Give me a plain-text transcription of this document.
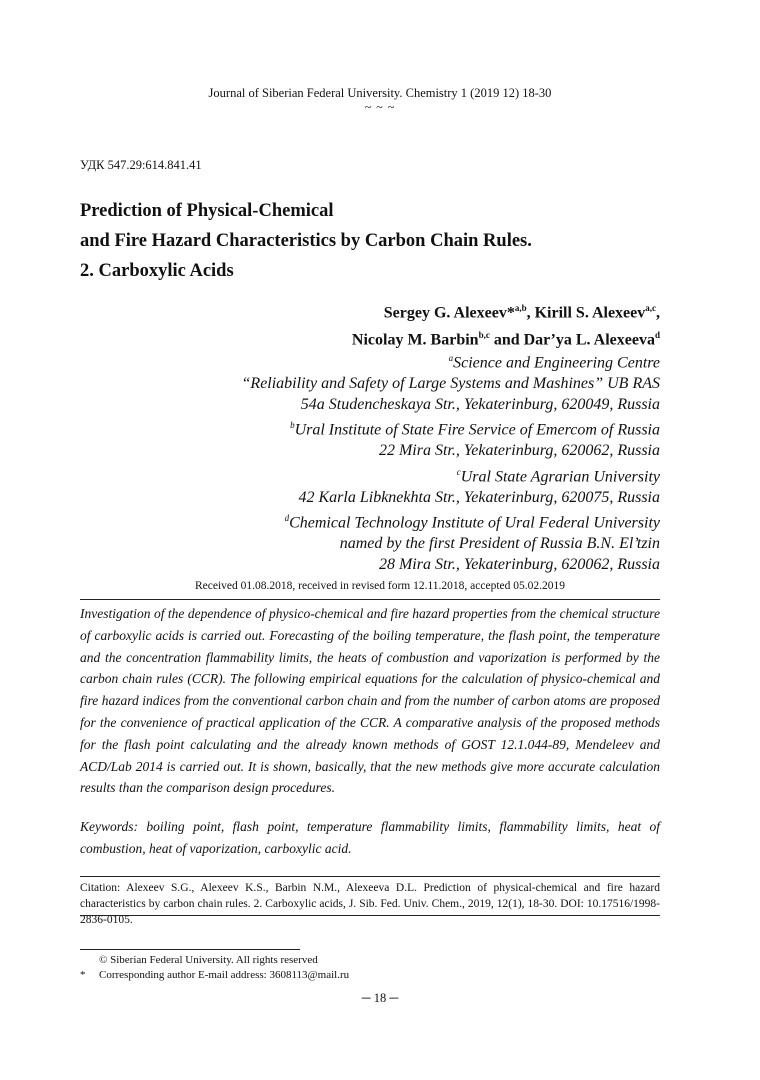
Journal of Siberian Federal University. Chemistry 1 (2019 12) 18-30
~ ~ ~
УДК 547.29:614.841.41
Prediction of Physical-Chemical
and Fire Hazard Characteristics by Carbon Chain Rules.
2. Carboxylic Acids
Sergey G. Alexeev*$^{a,b}$, Kirill S. Alexeev$^{a,c}$,
Nicolay M. Barbin$^{b,c}$ and Dar’ya L. Alexeeva$^d$
$^a$Science and Engineering Centre
“Reliability and Safety of Large Systems and Mashines” UB RAS
54a Studencheskaya Str., Yekaterinburg, 620049, Russia
$^b$Ural Institute of State Fire Service of Emercom of Russia
22 Mira Str., Yekaterinburg, 620062, Russia
$^c$Ural State Agrarian University
42 Karla Libknekhta Str., Yekaterinburg, 620075, Russia
$^d$Chemical Technology Institute of Ural Federal University
named by the first President of Russia B.N. El’tzin
28 Mira Str., Yekaterinburg, 620062, Russia
Received 01.08.2018, received in revised form 12.11.2018, accepted 05.02.2019
Investigation of the dependence of physico-chemical and fire hazard properties from the chemical structure of carboxylic acids is carried out. Forecasting of the boiling temperature, the flash point, the temperature and the concentration flammability limits, the heats of combustion and vaporization is performed by the carbon chain rules (CCR). The following empirical equations for the calculation of physico-chemical and fire hazard indices from the conventional carbon chain and from the number of carbon atoms are proposed for the convenience of practical application of the CCR. A comparative analysis of the proposed methods for the flash point calculating and the already known methods of GOST 12.1.044-89, Mendeleev and ACD/Lab 2014 is carried out. It is shown, basically, that the new methods give more accurate calculation results than the comparison design procedures.
Keywords: boiling point, flash point, temperature flammability limits, flammability limits, heat of combustion, heat of vaporization, carboxylic acid.
Citation: Alexeev S.G., Alexeev K.S., Barbin N.M., Alexeeva D.L. Prediction of physical-chemical and fire hazard characteristics by carbon chain rules. 2. Carboxylic acids, J. Sib. Fed. Univ. Chem., 2019, 12(1), 18-30. DOI: 10.17516/1998-2836-0105.
© Siberian Federal University. All rights reserved
* Corresponding author E-mail address: 3608113@mail.ru
─ 18 ─
